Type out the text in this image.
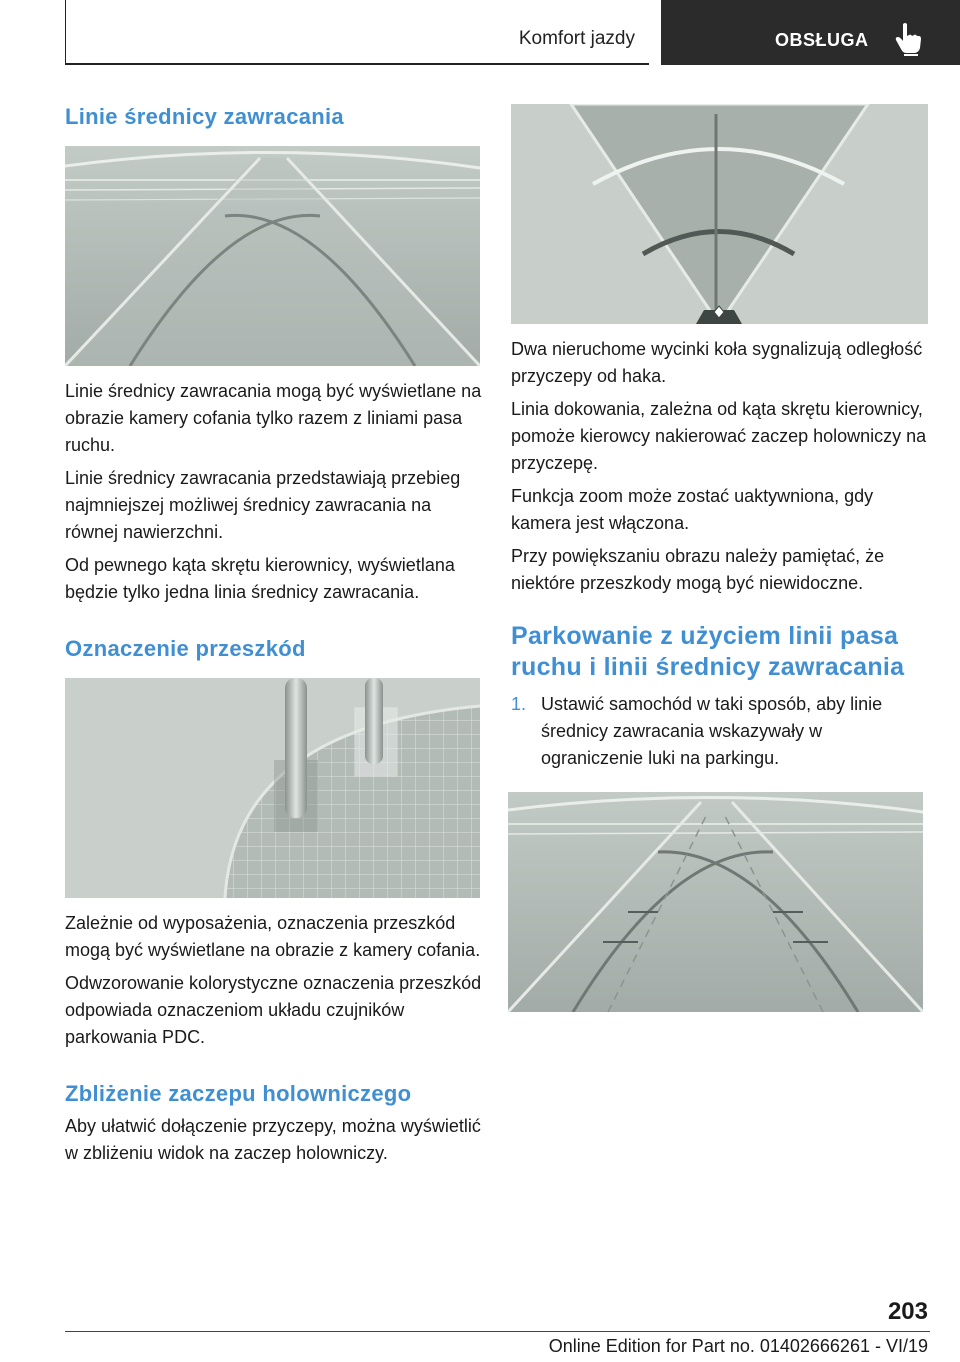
Komfort jazdy	OBSŁUGA
Linie średnicy zawracania

Linie średnicy zawracania mogą być wyświetlane na obrazie kamery cofania tylko razem z liniami pasa ruchu.

Linie średnicy zawracania przedstawiają przebieg najmniejszej możliwej średnicy zawracania na równej nawierzchni.

Od pewnego kąta skrętu kierownicy, wyświetlana będzie tylko jedna linia średnicy zawracania.

Oznaczenie przeszkód

Zależnie od wyposażenia, oznaczenia przeszkód mogą być wyświetlane na obrazie z kamery cofania.

Odwzorowanie kolorystyczne oznaczenia przeszkód odpowiada oznaczeniom układu czujników parkowania PDC.

Zbliżenie zaczepu holowniczego

Aby ułatwić dołączenie przyczepy, można wyświetlić w zbliżeniu widok na zaczep holowniczy.

Dwa nieruchome wycinki koła sygnalizują odległość przyczepy od haka.

Linia dokowania, zależna od kąta skrętu kierownicy, pomoże kierowcy nakierować zaczep holowniczy na przyczepę.

Funkcja zoom może zostać uaktywniona, gdy kamera jest włączona.

Przy powiększaniu obrazu należy pamiętać, że niektóre przeszkody mogą być niewidoczne.

Parkowanie z użyciem linii pasa ruchu i linii średnicy zawracania
1. Ustawić samochód w taki sposób, aby linie średnicy zawracania wskazywały w ograniczenie luki na parkingu.
203
Online Edition for Part no. 01402666261 - VI/19
